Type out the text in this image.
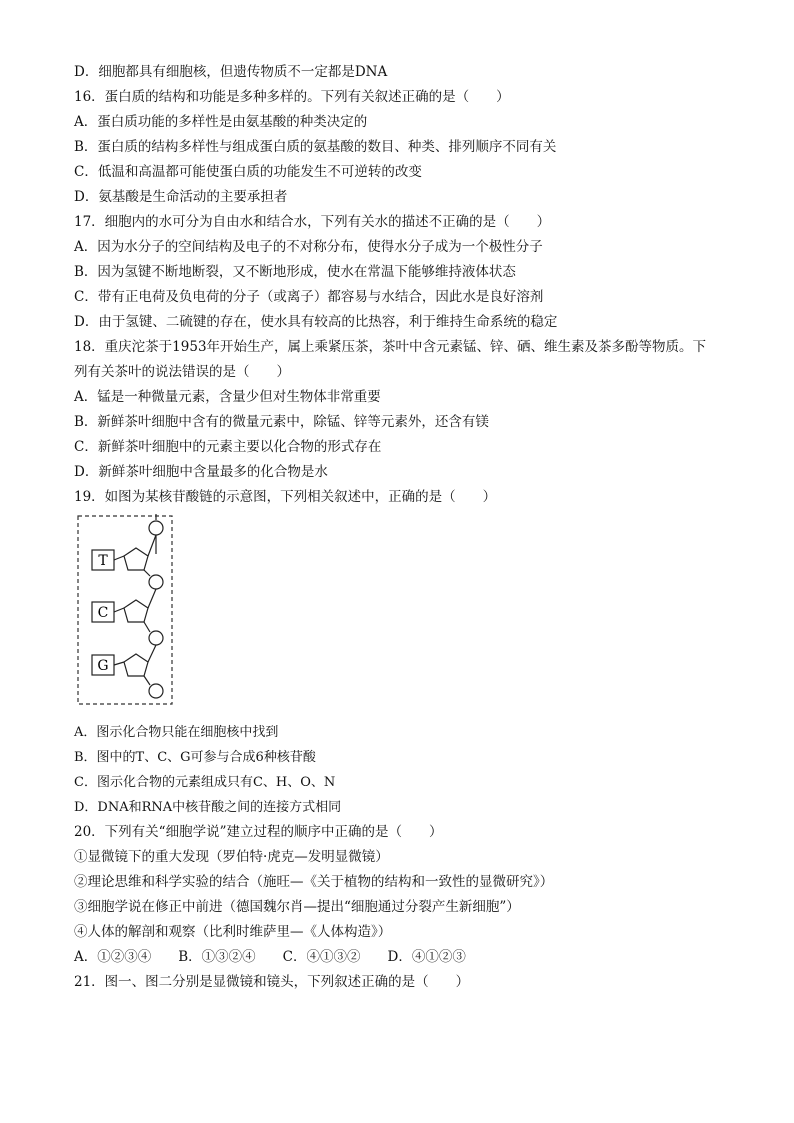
D．细胞都具有细胞核，但遗传物质不一定都是DNA
16．蛋白质的结构和功能是多种多样的。下列有关叙述正确的是（　　）
A．蛋白质功能的多样性是由氨基酸的种类决定的
B．蛋白质的结构多样性与组成蛋白质的氨基酸的数目、种类、排列顺序不同有关
C．低温和高温都可能使蛋白质的功能发生不可逆转的改变
D．氨基酸是生命活动的主要承担者
17．细胞内的水可分为自由水和结合水，下列有关水的描述不正确的是（　　）
A．因为水分子的空间结构及电子的不对称分布，使得水分子成为一个极性分子
B．因为氢键不断地断裂，又不断地形成，使水在常温下能够维持液体状态
C．带有正电荷及负电荷的分子（或离子）都容易与水结合，因此水是良好溶剂
D．由于氢键、二硫键的存在，使水具有较高的比热容，利于维持生命系统的稳定
18．重庆沱茶于1953年开始生产，属上乘紧压茶，茶叶中含元素锰、锌、硒、维生素及茶多酚等物质。下
列有关茶叶的说法错误的是（　　）
A．锰是一种微量元素，含量少但对生物体非常重要
B．新鲜茶叶细胞中含有的微量元素中，除锰、锌等元素外，还含有镁
C．新鲜茶叶细胞中的元素主要以化合物的形式存在
D．新鲜茶叶细胞中含量最多的化合物是水
19．如图为某核苷酸链的示意图，下列相关叙述中，正确的是（　　）
T
C
G
A．图示化合物只能在细胞核中找到
B．图中的T、C、G可参与合成6种核苷酸
C．图示化合物的元素组成只有C、H、O、N
D．DNA和RNA中核苷酸之间的连接方式相同
20．下列有关“细胞学说”建立过程的顺序中正确的是（　　）
①显微镜下的重大发现（罗伯特·虎克—发明显微镜）
②理论思维和科学实验的结合（施旺—《关于植物的结构和一致性的显微研究》）
③细胞学说在修正中前进（德国魏尔肖—提出“细胞通过分裂产生新细胞”）
④人体的解剖和观察（比利时维萨里—《人体构造》）
A．①②③④　　B．①③②④　　C．④①③②　　D．④①②③
21．图一、图二分别是显微镜和镜头，下列叙述正确的是（　　）
